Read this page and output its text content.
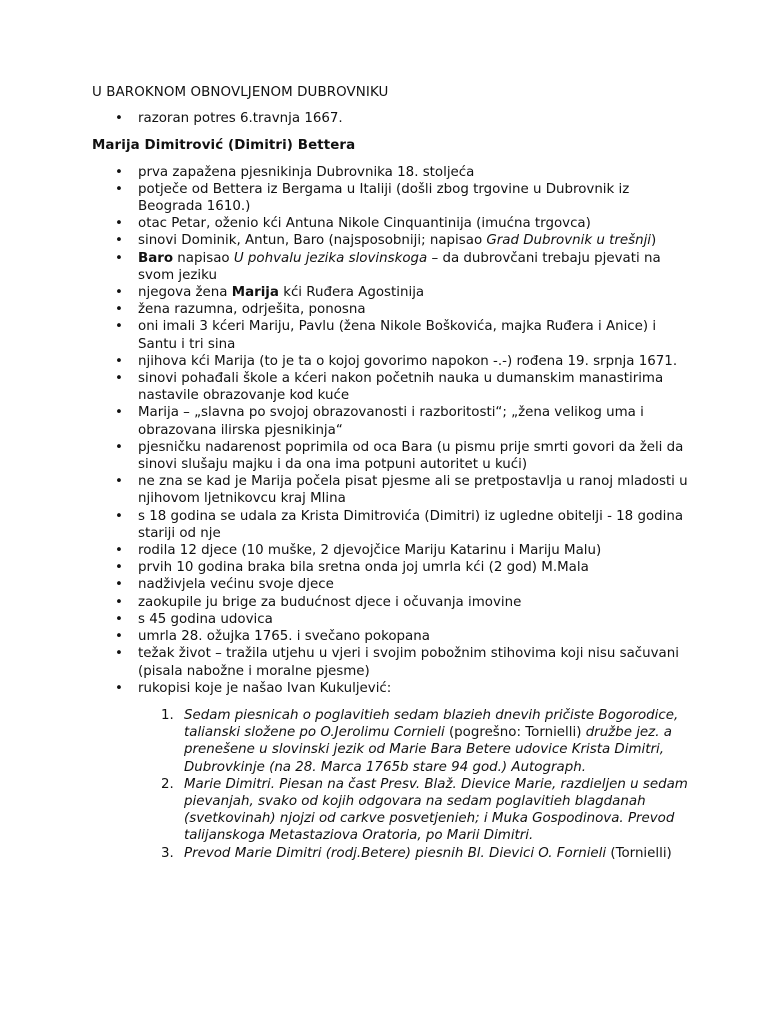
U BAROKNOM OBNOVLJENOM DUBROVNIKU
• razoran potres 6.travnja 1667.
Marija Dimitrović (Dimitri) Bettera
• prva zapažena pjesnikinja Dubrovnika 18. stoljeća
• potječe od Bettera iz Bergama u Italiji (došli zbog trgovine u Dubrovnik iz Beograda 1610.)
• otac Petar, oženio kći Antuna Nikole Cinquantinija (imućna trgovca)
• sinovi Dominik, Antun, Baro (najsposobniji; napisao Grad Dubrovnik u trešnji)
• Baro napisao U pohvalu jezika slovinskoga – da dubrovčani trebaju pjevati na svom jeziku
• njegova žena Marija kći Ruđera Agostinija
• žena razumna, odrješita, ponosna
• oni imali 3 kćeri Mariju, Pavlu (žena Nikole Boškovića, majka Ruđera i Anice) i Santu i tri sina
• njihova kći Marija (to je ta o kojoj govorimo napokon -.-) rođena 19. srpnja 1671.
• sinovi pohađali škole a kćeri nakon početnih nauka u dumanskim manastirima nastavile obrazovanje kod kuće
• Marija – „slavna po svojoj obrazovanosti i razboritosti“; „žena velikog uma i obrazovana ilirska pjesnikinja“
• pjesničku nadarenost poprimila od oca Bara (u pismu prije smrti govori da želi da sinovi slušaju majku i da ona ima potpuni autoritet u kući)
• ne zna se kad je Marija počela pisat pjesme ali se pretpostavlja u ranoj mladosti u njihovom ljetnikovcu kraj Mlina
• s 18 godina se udala za Krista Dimitrovića (Dimitri) iz ugledne obitelji - 18 godina stariji od nje
• rodila 12 djece (10 muške, 2 djevojčice Mariju Katarinu i Mariju Malu)
• prvih 10 godina braka bila sretna onda joj umrla kći (2 god) M.Mala
• nadživjela većinu svoje djece
• zaokupile ju brige za budućnost djece i očuvanja imovine
• s 45 godina udovica
• umrla 28. ožujka 1765. i svečano pokopana
• težak život – tražila utjehu u vjeri i svojim pobožnim stihovima koji nisu sačuvani (pisala nabožne i moralne pjesme)
• rukopisi koje je našao Ivan Kukuljević:
1. Sedam piesnicah o poglavitieh sedam blazieh dnevih pričiste Bogorodice, talianski složene po O.Jerolimu Cornieli (pogrešno: Tornielli) družbe jez. a prenešene u slovinski jezik od Marie Bara Betere udovice Krista Dimitri, Dubrovkinje (na 28. Marca 1765b stare 94 god.) Autograph.
2. Marie Dimitri. Piesan na čast Presv. Blaž. Dievice Marie, razdieljen u sedam pievanjah, svako od kojih odgovara na sedam poglavitieh blagdanah (svetkovinah) njojzi od carkve posvetjenieh; i Muka Gospodinova. Prevod talijanskoga Metastaziova Oratoria, po Marii Dimitri.
3. Prevod Marie Dimitri (rodj.Betere) piesnih Bl. Dievici O. Fornieli (Tornielli)
